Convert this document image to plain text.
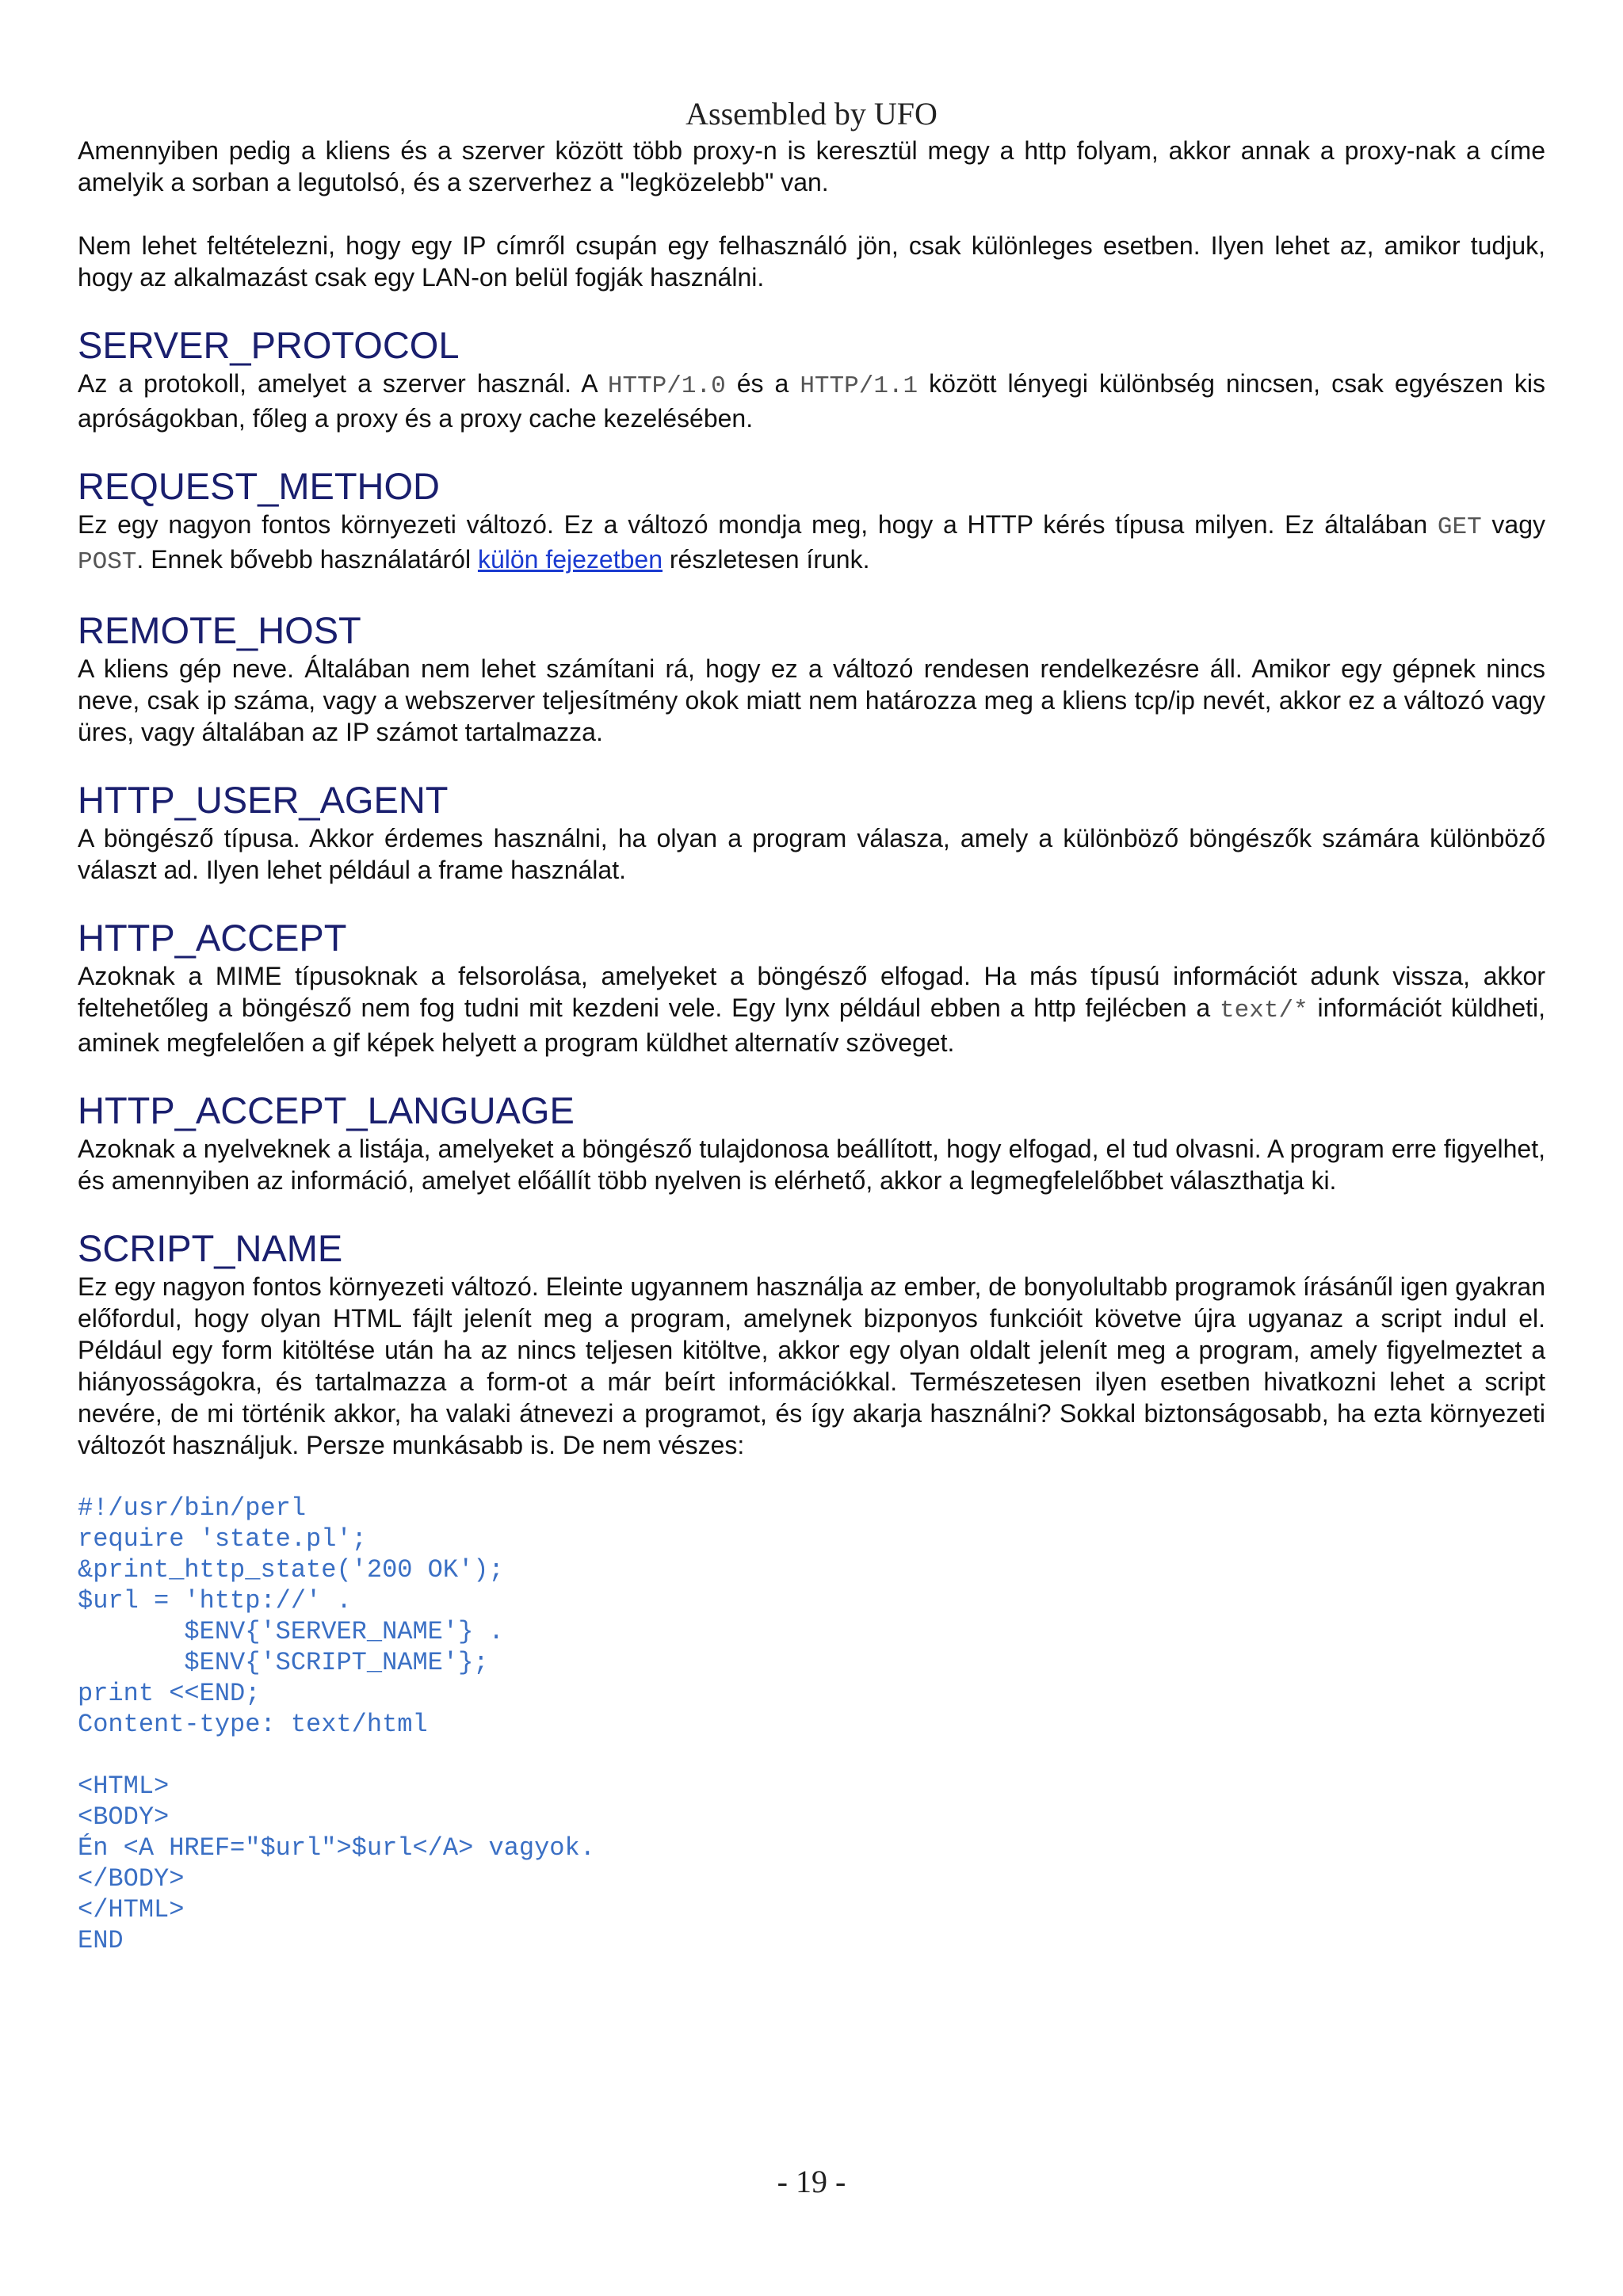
Assembled by UFO

Amennyiben pedig a kliens és a szerver között több proxy-n is keresztül megy a http folyam, akkor annak a proxy-nak a címe amelyik a sorban a legutolsó, és a szerverhez a "legközelebb" van.

Nem lehet feltételezni, hogy egy IP címről csupán egy felhasználó jön, csak különleges esetben. Ilyen lehet az, amikor tudjuk, hogy az alkalmazást csak egy LAN-on belül fogják használni.

SERVER_PROTOCOL

Az a protokoll, amelyet a szerver használ. A HTTP/1.0 és a HTTP/1.1 között lényegi különbség nincsen, csak egyészen kis apróságokban, főleg a proxy és a proxy cache kezelésében.

REQUEST_METHOD

Ez egy nagyon fontos környezeti változó. Ez a változó mondja meg, hogy a HTTP kérés típusa milyen. Ez általában GET vagy POST. Ennek bővebb használatáról külön fejezetben részletesen írunk.

REMOTE_HOST

A kliens gép neve. Általában nem lehet számítani rá, hogy ez a változó rendesen rendelkezésre áll. Amikor egy gépnek nincs neve, csak ip száma, vagy a webszerver teljesítmény okok miatt nem határozza meg a kliens tcp/ip nevét, akkor ez a változó vagy üres, vagy általában az IP számot tartalmazza.

HTTP_USER_AGENT

A böngésző típusa. Akkor érdemes használni, ha olyan a program válasza, amely a különböző böngészők számára különböző választ ad. Ilyen lehet például a frame használat.

HTTP_ACCEPT

Azoknak a MIME típusoknak a felsorolása, amelyeket a böngésző elfogad. Ha más típusú információt adunk vissza, akkor feltehetőleg a böngésző nem fog tudni mit kezdeni vele. Egy lynx például ebben a http fejlécben a text/* információt küldheti, aminek megfelelően a gif képek helyett a program küldhet alternatív szöveget.

HTTP_ACCEPT_LANGUAGE

Azoknak a nyelveknek a listája, amelyeket a böngésző tulajdonosa beállított, hogy elfogad, el tud olvasni. A program erre figyelhet, és amennyiben az információ, amelyet előállít több nyelven is elérhető, akkor a legmegfelelőbbet választhatja ki.

SCRIPT_NAME

Ez egy nagyon fontos környezeti változó. Eleinte ugyannem használja az ember, de bonyolultabb programok írásánűl igen gyakran előfordul, hogy olyan HTML fájlt jelenít meg a program, amelynek bizponyos funkcióit követve újra ugyanaz a script indul el. Például egy form kitöltése után ha az nincs teljesen kitöltve, akkor egy olyan oldalt jelenít meg a program, amely figyelmeztet a hiányosságokra, és tartalmazza a form-ot a már beírt információkkal. Természetesen ilyen esetben hivatkozni lehet a script nevére, de mi történik akkor, ha valaki átnevezi a programot, és így akarja használni? Sokkal biztonságosabb, ha ezta környezeti változót használjuk. Persze munkásabb is. De nem vészes:

#!/usr/bin/perl
require 'state.pl';
&print_http_state('200 OK');
$url = 'http://' .
$ENV{'SERVER_NAME'} .
$ENV{'SCRIPT_NAME'};
print <<END;
Content-type: text/html

<HTML>
<BODY>
Én <A HREF="$url">$url</A> vagyok.
</BODY>
</HTML>
END
- 19 -
